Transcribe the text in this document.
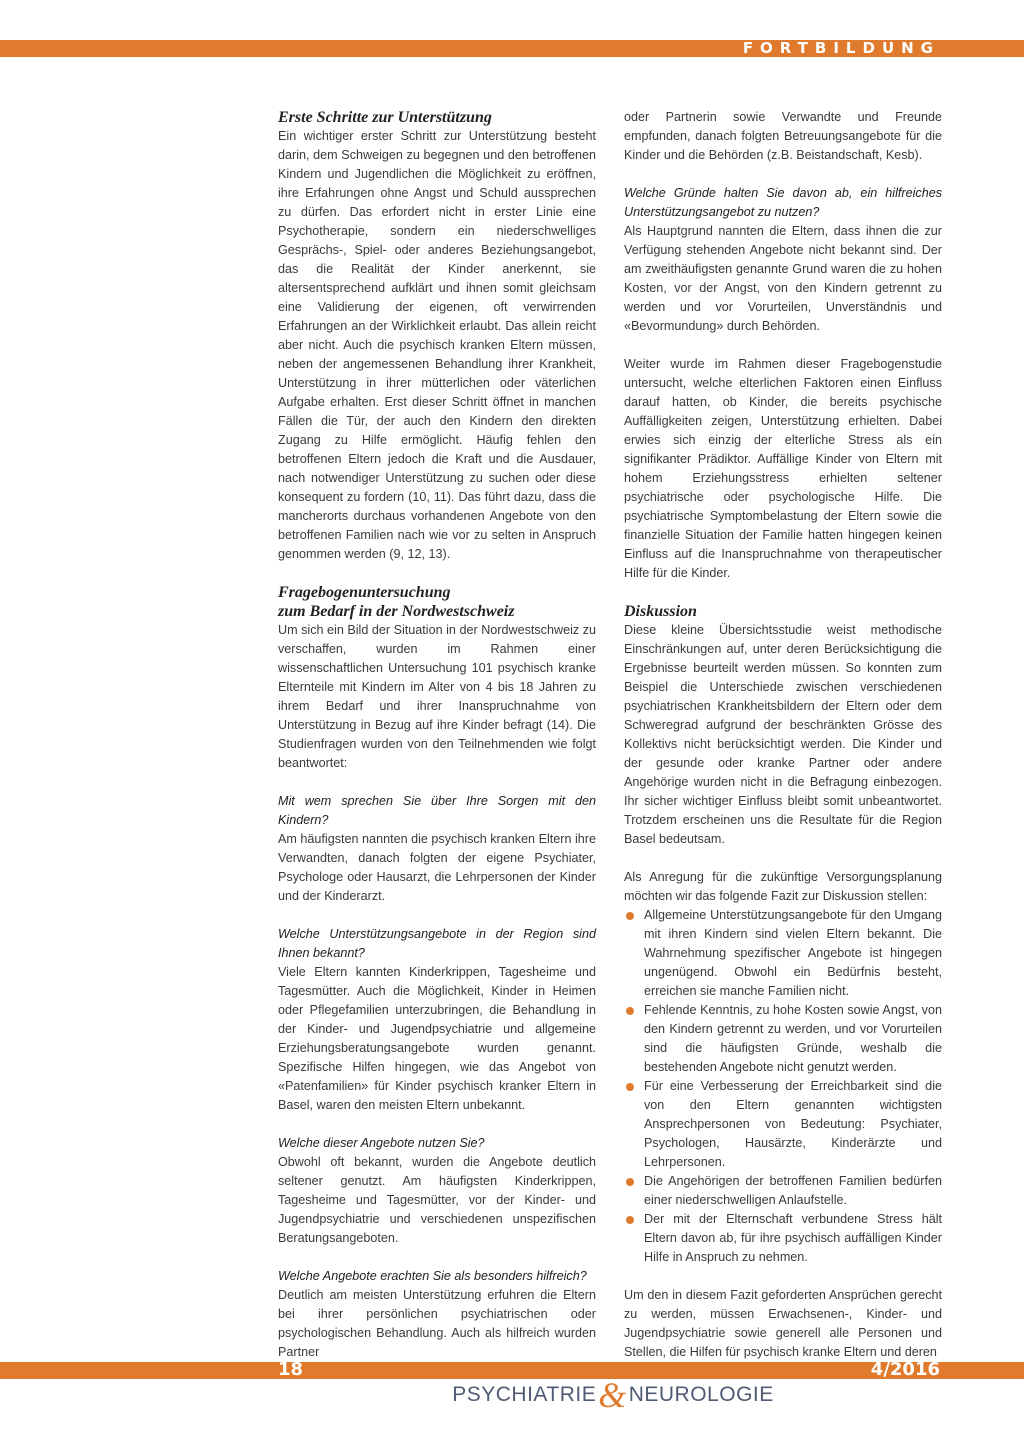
FORTBILDUNG
Erste Schritte zur Unterstützung

Ein wichtiger erster Schritt zur Unterstützung besteht darin, dem Schweigen zu begegnen und den betroffenen Kindern und Jugendlichen die Möglichkeit zu eröffnen, ihre Erfahrungen ohne Angst und Schuld aussprechen zu dürfen. Das erfordert nicht in erster Linie eine Psychotherapie, sondern ein niederschwelliges Gesprächs-, Spiel- oder anderes Beziehungsangebot, das die Realität der Kinder anerkennt, sie altersentsprechend aufklärt und ihnen somit gleichsam eine Validierung der eigenen, oft verwirrenden Erfahrungen an der Wirklichkeit erlaubt. Das allein reicht aber nicht. Auch die psychisch kranken Eltern müssen, neben der angemessenen Behandlung ihrer Krankheit, Unterstützung in ihrer mütterlichen oder väterlichen Aufgabe erhalten. Erst dieser Schritt öffnet in manchen Fällen die Tür, der auch den Kindern den direkten Zugang zu Hilfe ermöglicht. Häufig fehlen den betroffenen Eltern jedoch die Kraft und die Ausdauer, nach notwendiger Unterstützung zu suchen oder diese konsequent zu fordern (10, 11). Das führt dazu, dass die mancherorts durchaus vorhandenen Angebote von den betroffenen Familien nach wie vor zu selten in Anspruch genommen werden (9, 12, 13).

Fragebogenuntersuchung
zum Bedarf in der Nordwestschweiz

Um sich ein Bild der Situation in der Nordwestschweiz zu verschaffen, wurden im Rahmen einer wissenschaftlichen Untersuchung 101 psychisch kranke Elternteile mit Kindern im Alter von 4 bis 18 Jahren zu ihrem Bedarf und ihrer Inanspruchnahme von Unterstützung in Bezug auf ihre Kinder befragt (14). Die Studienfragen wurden von den Teilnehmenden wie folgt beantwortet:

Mit wem sprechen Sie über Ihre Sorgen mit den Kindern?

Am häufigsten nannten die psychisch kranken Eltern ihre Verwandten, danach folgten der eigene Psychiater, Psychologe oder Hausarzt, die Lehrpersonen der Kinder und der Kinderarzt.

Welche Unterstützungsangebote in der Region sind Ihnen bekannt?

Viele Eltern kannten Kinderkrippen, Tagesheime und Tagesmütter. Auch die Möglichkeit, Kinder in Heimen oder Pflegefamilien unterzubringen, die Behandlung in der Kinder- und Jugendpsychiatrie und allgemeine Erziehungsberatungsangebote wurden genannt. Spezifische Hilfen hingegen, wie das Angebot von «Patenfamilien» für Kinder psychisch kranker Eltern in Basel, waren den meisten Eltern unbekannt.

Welche dieser Angebote nutzen Sie?

Obwohl oft bekannt, wurden die Angebote deutlich seltener genutzt. Am häufigsten Kinderkrippen, Tagesheime und Tagesmütter, vor der Kinder- und Jugendpsychiatrie und verschiedenen unspezifischen Beratungsangeboten.

Welche Angebote erachten Sie als besonders hilfreich?

Deutlich am meisten Unterstützung erfuhren die Eltern bei ihrer persönlichen psychiatrischen oder psychologischen Behandlung. Auch als hilfreich wurden Partner

oder Partnerin sowie Verwandte und Freunde empfunden, danach folgten Betreuungsangebote für die Kinder und die Behörden (z.B. Beistandschaft, Kesb).

Welche Gründe halten Sie davon ab, ein hilfreiches Unterstützungsangebot zu nutzen?

Als Hauptgrund nannten die Eltern, dass ihnen die zur Verfügung stehenden Angebote nicht bekannt sind. Der am zweithäufigsten genannte Grund waren die zu hohen Kosten, vor der Angst, von den Kindern getrennt zu werden und vor Vorurteilen, Unverständnis und «Bevormundung» durch Behörden.

Weiter wurde im Rahmen dieser Fragebogenstudie untersucht, welche elterlichen Faktoren einen Einfluss darauf hatten, ob Kinder, die bereits psychische Auffälligkeiten zeigen, Unterstützung erhielten. Dabei erwies sich einzig der elterliche Stress als ein signifikanter Prädiktor. Auffällige Kinder von Eltern mit hohem Erziehungsstress erhielten seltener psychiatrische oder psychologische Hilfe. Die psychiatrische Symptombelastung der Eltern sowie die finanzielle Situation der Familie hatten hingegen keinen Einfluss auf die Inanspruchnahme von therapeutischer Hilfe für die Kinder.

Diskussion

Diese kleine Übersichtsstudie weist methodische Einschränkungen auf, unter deren Berücksichtigung die Ergebnisse beurteilt werden müssen. So konnten zum Beispiel die Unterschiede zwischen verschiedenen psychiatrischen Krankheitsbildern der Eltern oder dem Schweregrad aufgrund der beschränkten Grösse des Kollektivs nicht berücksichtigt werden. Die Kinder und der gesunde oder kranke Partner oder andere Angehörige wurden nicht in die Befragung einbezogen. Ihr sicher wichtiger Einfluss bleibt somit unbeantwortet. Trotzdem erscheinen uns die Resultate für die Region Basel bedeutsam.

Als Anregung für die zukünftige Versorgungsplanung möchten wir das folgende Fazit zur Diskussion stellen:

Allgemeine Unterstützungsangebote für den Umgang mit ihren Kindern sind vielen Eltern bekannt. Die Wahrnehmung spezifischer Angebote ist hingegen ungenügend. Obwohl ein Bedürfnis besteht, erreichen sie manche Familien nicht.
Fehlende Kenntnis, zu hohe Kosten sowie Angst, von den Kindern getrennt zu werden, und vor Vorurteilen sind die häufigsten Gründe, weshalb die bestehenden Angebote nicht genutzt werden.
Für eine Verbesserung der Erreichbarkeit sind die von den Eltern genannten wichtigsten Ansprechpersonen von Bedeutung: Psychiater, Psychologen, Hausärzte, Kinderärzte und Lehrpersonen.
Die Angehörigen der betroffenen Familien bedürfen einer niederschwelligen Anlaufstelle.
Der mit der Elternschaft verbundene Stress hält Eltern davon ab, für ihre psychisch auffälligen Kinder Hilfe in Anspruch zu nehmen.

Um den in diesem Fazit geforderten Ansprüchen gerecht zu werden, müssen Erwachsenen-, Kinder- und Jugendpsychiatrie sowie generell alle Personen und Stellen, die Hilfen für psychisch kranke Eltern und deren

18	4/2016
PSYCHIATRIE&NEUROLOGIE
